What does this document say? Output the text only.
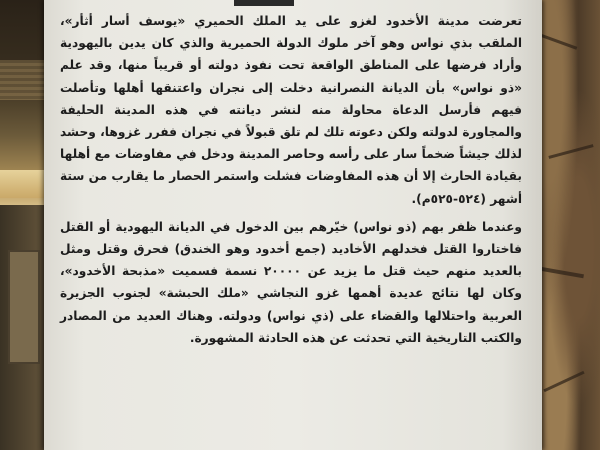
تعرضت مدينة الأخدود لغزو على يد الملك الحميري «يوسف أسار أثأر»، الملقب بذي نواس وهو آخر ملوك الدولة الحميرية والذي كان يدين باليهودية وأراد فرضها على المناطق الواقعة تحت نفوذ دولته أو قريباً منها، وقد علم «ذو نواس» بأن الديانة النصرانية دخلت إلى نجران واعتنقها أهلها وتأصلت فيهم فأرسل الدعاة محاولة منه لنشر ديانته في هذه المدينة الحليفة والمجاورة لدولته ولكن دعوته تلك لم تلق قبولاً في نجران ففرر غزوها، وحشد لذلك جيشاً ضخماً سار على رأسه وحاصر المدينة ودخل في مفاوضات مع أهلها بقيادة الحارث إلا أن هذه المفاوضات فشلت واستمر الحصار ما يقارب من ستة أشهر (٥٢٤-٥٢٥م).

وعندما ظفر بهم (ذو نواس) خيّرهم بين الدخول في الديانة اليهودية أو القتل فاختاروا القتل فخدلهم الأخاديد (جمع أخدود وهو الخندق) فحرق وقتل ومثل بالعديد منهم حيث قتل ما يزيد عن ٢٠٠٠٠ نسمة فسميت «مذبحة الأخدود»، وكان لها نتائج عديدة أهمها غزو النجاشي «ملك الحبشة» لجنوب الجزيرة العربية واحتلالها والقضاء على (ذي نواس) ودولته. وهناك العديد من المصادر والكتب التاريخية التي تحدثت عن هذه الحادثة المشهورة.
